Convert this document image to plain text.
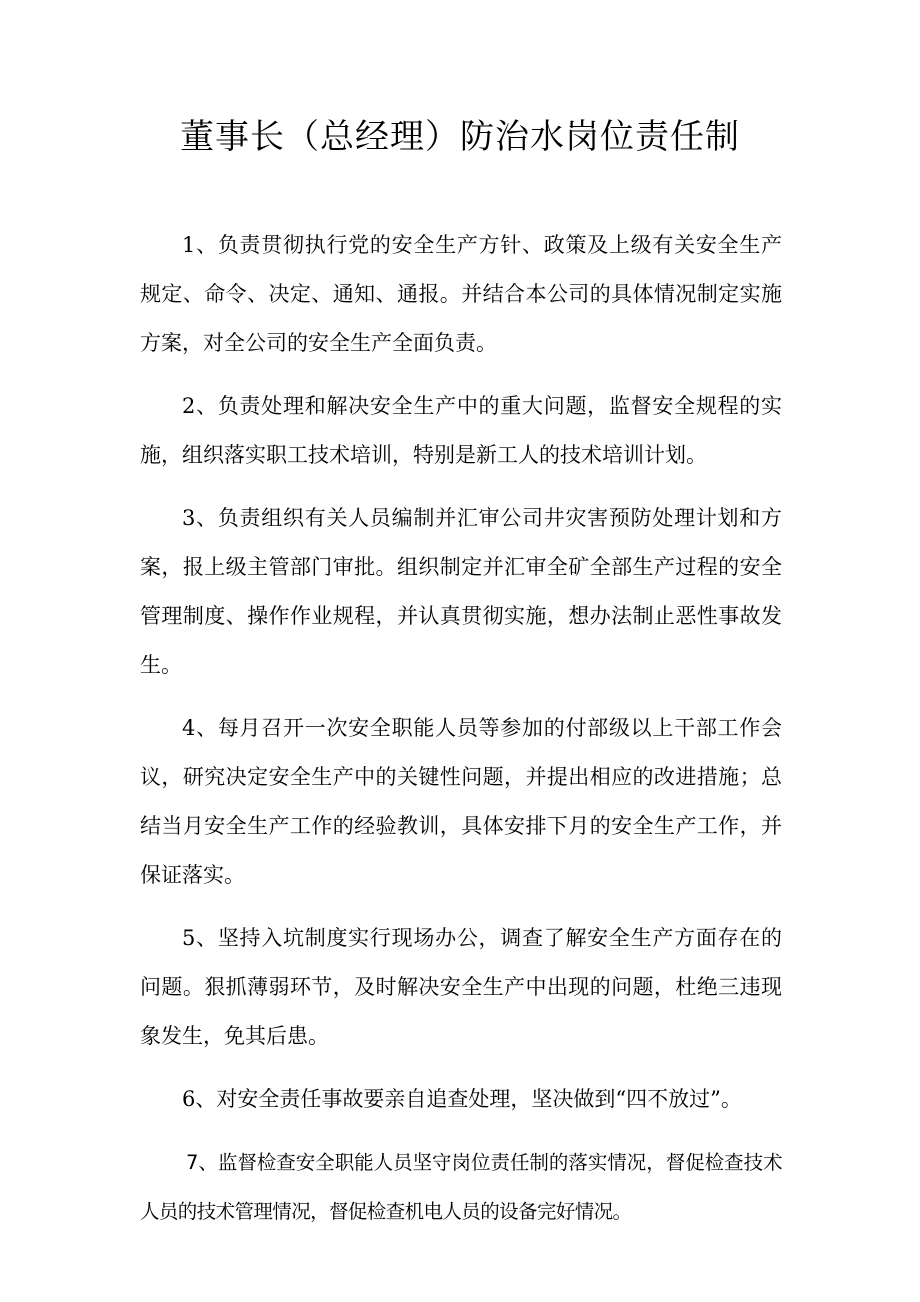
董事长（总经理）防治水岗位责任制

1、负责贯彻执行党的安全生产方针、政策及上级有关安全生产规定、命令、决定、通知、通报。并结合本公司的具体情况制定实施方案，对全公司的安全生产全面负责。

2、负责处理和解决安全生产中的重大问题，监督安全规程的实施，组织落实职工技术培训，特别是新工人的技术培训计划。

3、负责组织有关人员编制并汇审公司井灾害预防处理计划和方案，报上级主管部门审批。组织制定并汇审全矿全部生产过程的安全管理制度、操作作业规程，并认真贯彻实施，想办法制止恶性事故发生。

4、每月召开一次安全职能人员等参加的付部级以上干部工作会议，研究决定安全生产中的关键性问题，并提出相应的改进措施；总结当月安全生产工作的经验教训，具体安排下月的安全生产工作，并保证落实。

5、坚持入坑制度实行现场办公，调查了解安全生产方面存在的问题。狠抓薄弱环节，及时解决安全生产中出现的问题，杜绝三违现象发生，免其后患。

6、对安全责任事故要亲自追查处理，坚决做到“四不放过”。

7、监督检查安全职能人员坚守岗位责任制的落实情况，督促检查技术人员的技术管理情况，督促检查机电人员的设备完好情况。
